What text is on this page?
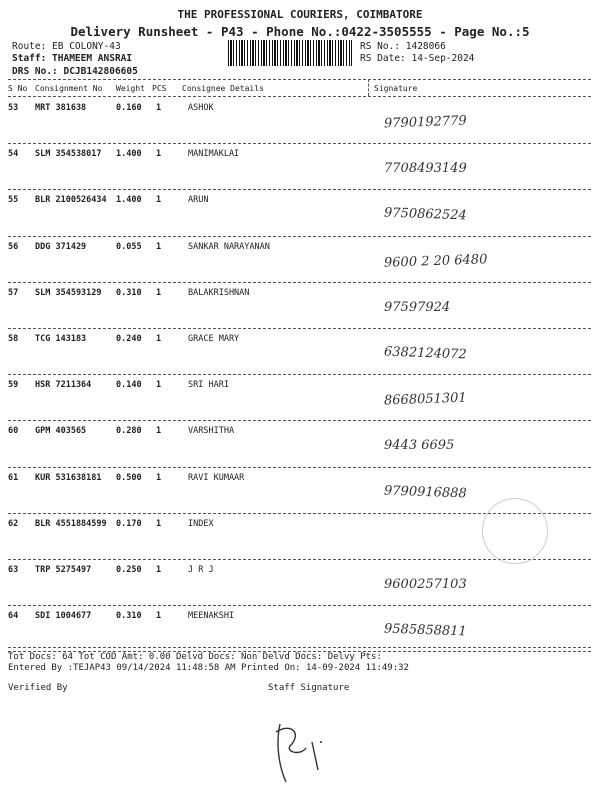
THE PROFESSIONAL COURIERS, COIMBATORE
Delivery Runsheet - P43 - Phone No.:0422-3505555 - Page No.:5
Route: EB COLONY-43
Staff: THAMEEM ANSRAI
DRS No.: DCJB142806605
RS No.: 1428066
RS Date: 14-Sep-2024
S No Consignment No Weight PCS Consignee Details	Signature
53 MRT 381638	0.160 1	ASHOK
9790192779
54 SLM 354538017 1.400 1	MANIMAKLAI
7708493149
55 BLR 2100526434 1.400 1	ARUN
9750862524
56 DDG 371429	0.055 1	SANKAR NARAYANAN
9600 2 20 6480
57 SLM 354593129 0.310 1	BALAKRISHNAN
97597924
58 TCG 143183	0.240 1	GRACE MARY
6382124072
59 HSR 7211364	0.140 1	SRI HARI
8668051301
60 GPM 403565	0.280 1	VARSHITHA
9443 6695
61 KUR 531638181 0.500 1	RAVI KUMAAR
9790916888
62 BLR 4551884599 0.170 1	INDEX
63 TRP 5275497	0.250 1	J R J
9600257103
64 SDI 1004677	0.310 1	MEENAKSHI
9585858811
Tot Docs: 64 Tot COD Amt: 0.00 Delvd Docs: Non Delvd Docs: Delvy Pts:
Entered By :TEJAP43 09/14/2024 11:48:58 AM Printed On: 14-09-2024 11:49:32
Verified By	Staff Signature
